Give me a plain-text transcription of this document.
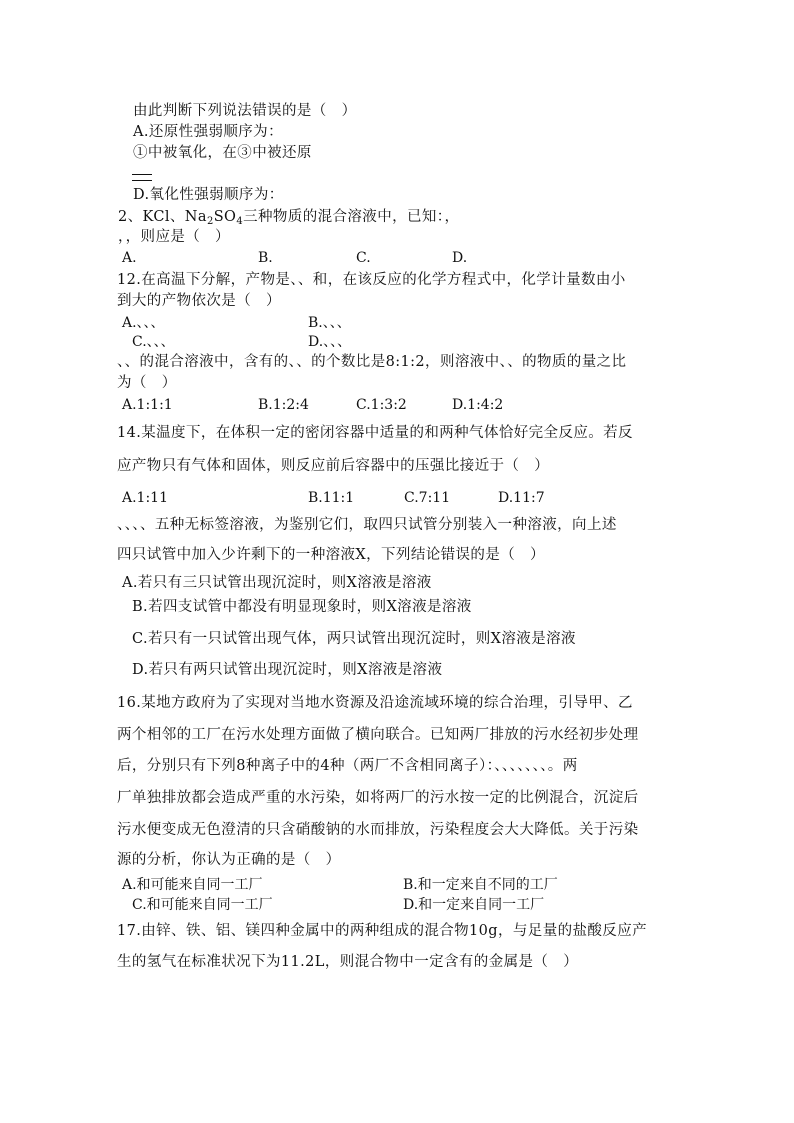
由此判断下列说法错误的是（　）
A.还原性强弱顺序为：
①中被氧化，在③中被还原
D.氧化性强弱顺序为：
2、KCl、$Na_2SO_4$三种物质的混合溶液中，已知：，
，，则应是（　）
A.	B.	C.	D.
12.在高温下分解，产物是、、和，在该反应的化学方程式中，化学计量数由小
到大的产物依次是（　）
A.、、、	B.、、、
C.、、、	D.、、、
、、的混合溶液中，含有的、、的个数比是8:1:2，则溶液中、、的物质的量之比
为（　）
A.1:1:1	B.1:2:4	C.1:3:2	D.1:4:2
14.某温度下，在体积一定的密闭容器中适量的和两种气体恰好完全反应。若反
应产物只有气体和固体，则反应前后容器中的压强比接近于（　）
A.1:11	B.11:1	C.7:11	D.11:7
、、、、五种无标签溶液，为鉴别它们，取四只试管分别装入一种溶液，向上述
四只试管中加入少许剩下的一种溶液X，下列结论错误的是（　）
A.若只有三只试管出现沉淀时，则X溶液是溶液
B.若四支试管中都没有明显现象时，则X溶液是溶液
C.若只有一只试管出现气体，两只试管出现沉淀时，则X溶液是溶液
D.若只有两只试管出现沉淀时，则X溶液是溶液
16.某地方政府为了实现对当地水资源及沿途流域环境的综合治理，引导甲、乙
两个相邻的工厂在污水处理方面做了横向联合。已知两厂排放的污水经初步处理
后，分别只有下列8种离子中的4种（两厂不含相同离子）：、、、、、、、。两
厂单独排放都会造成严重的水污染，如将两厂的污水按一定的比例混合，沉淀后
污水便变成无色澄清的只含硝酸钠的水而排放，污染程度会大大降低。关于污染
源的分析，你认为正确的是（　）
A.和可能来自同一工厂	B.和一定来自不同的工厂
C.和可能来自同一工厂	D.和一定来自同一工厂
17.由锌、铁、铝、镁四种金属中的两种组成的混合物10g，与足量的盐酸反应产
生的氢气在标准状况下为11.2L，则混合物中一定含有的金属是（　）
